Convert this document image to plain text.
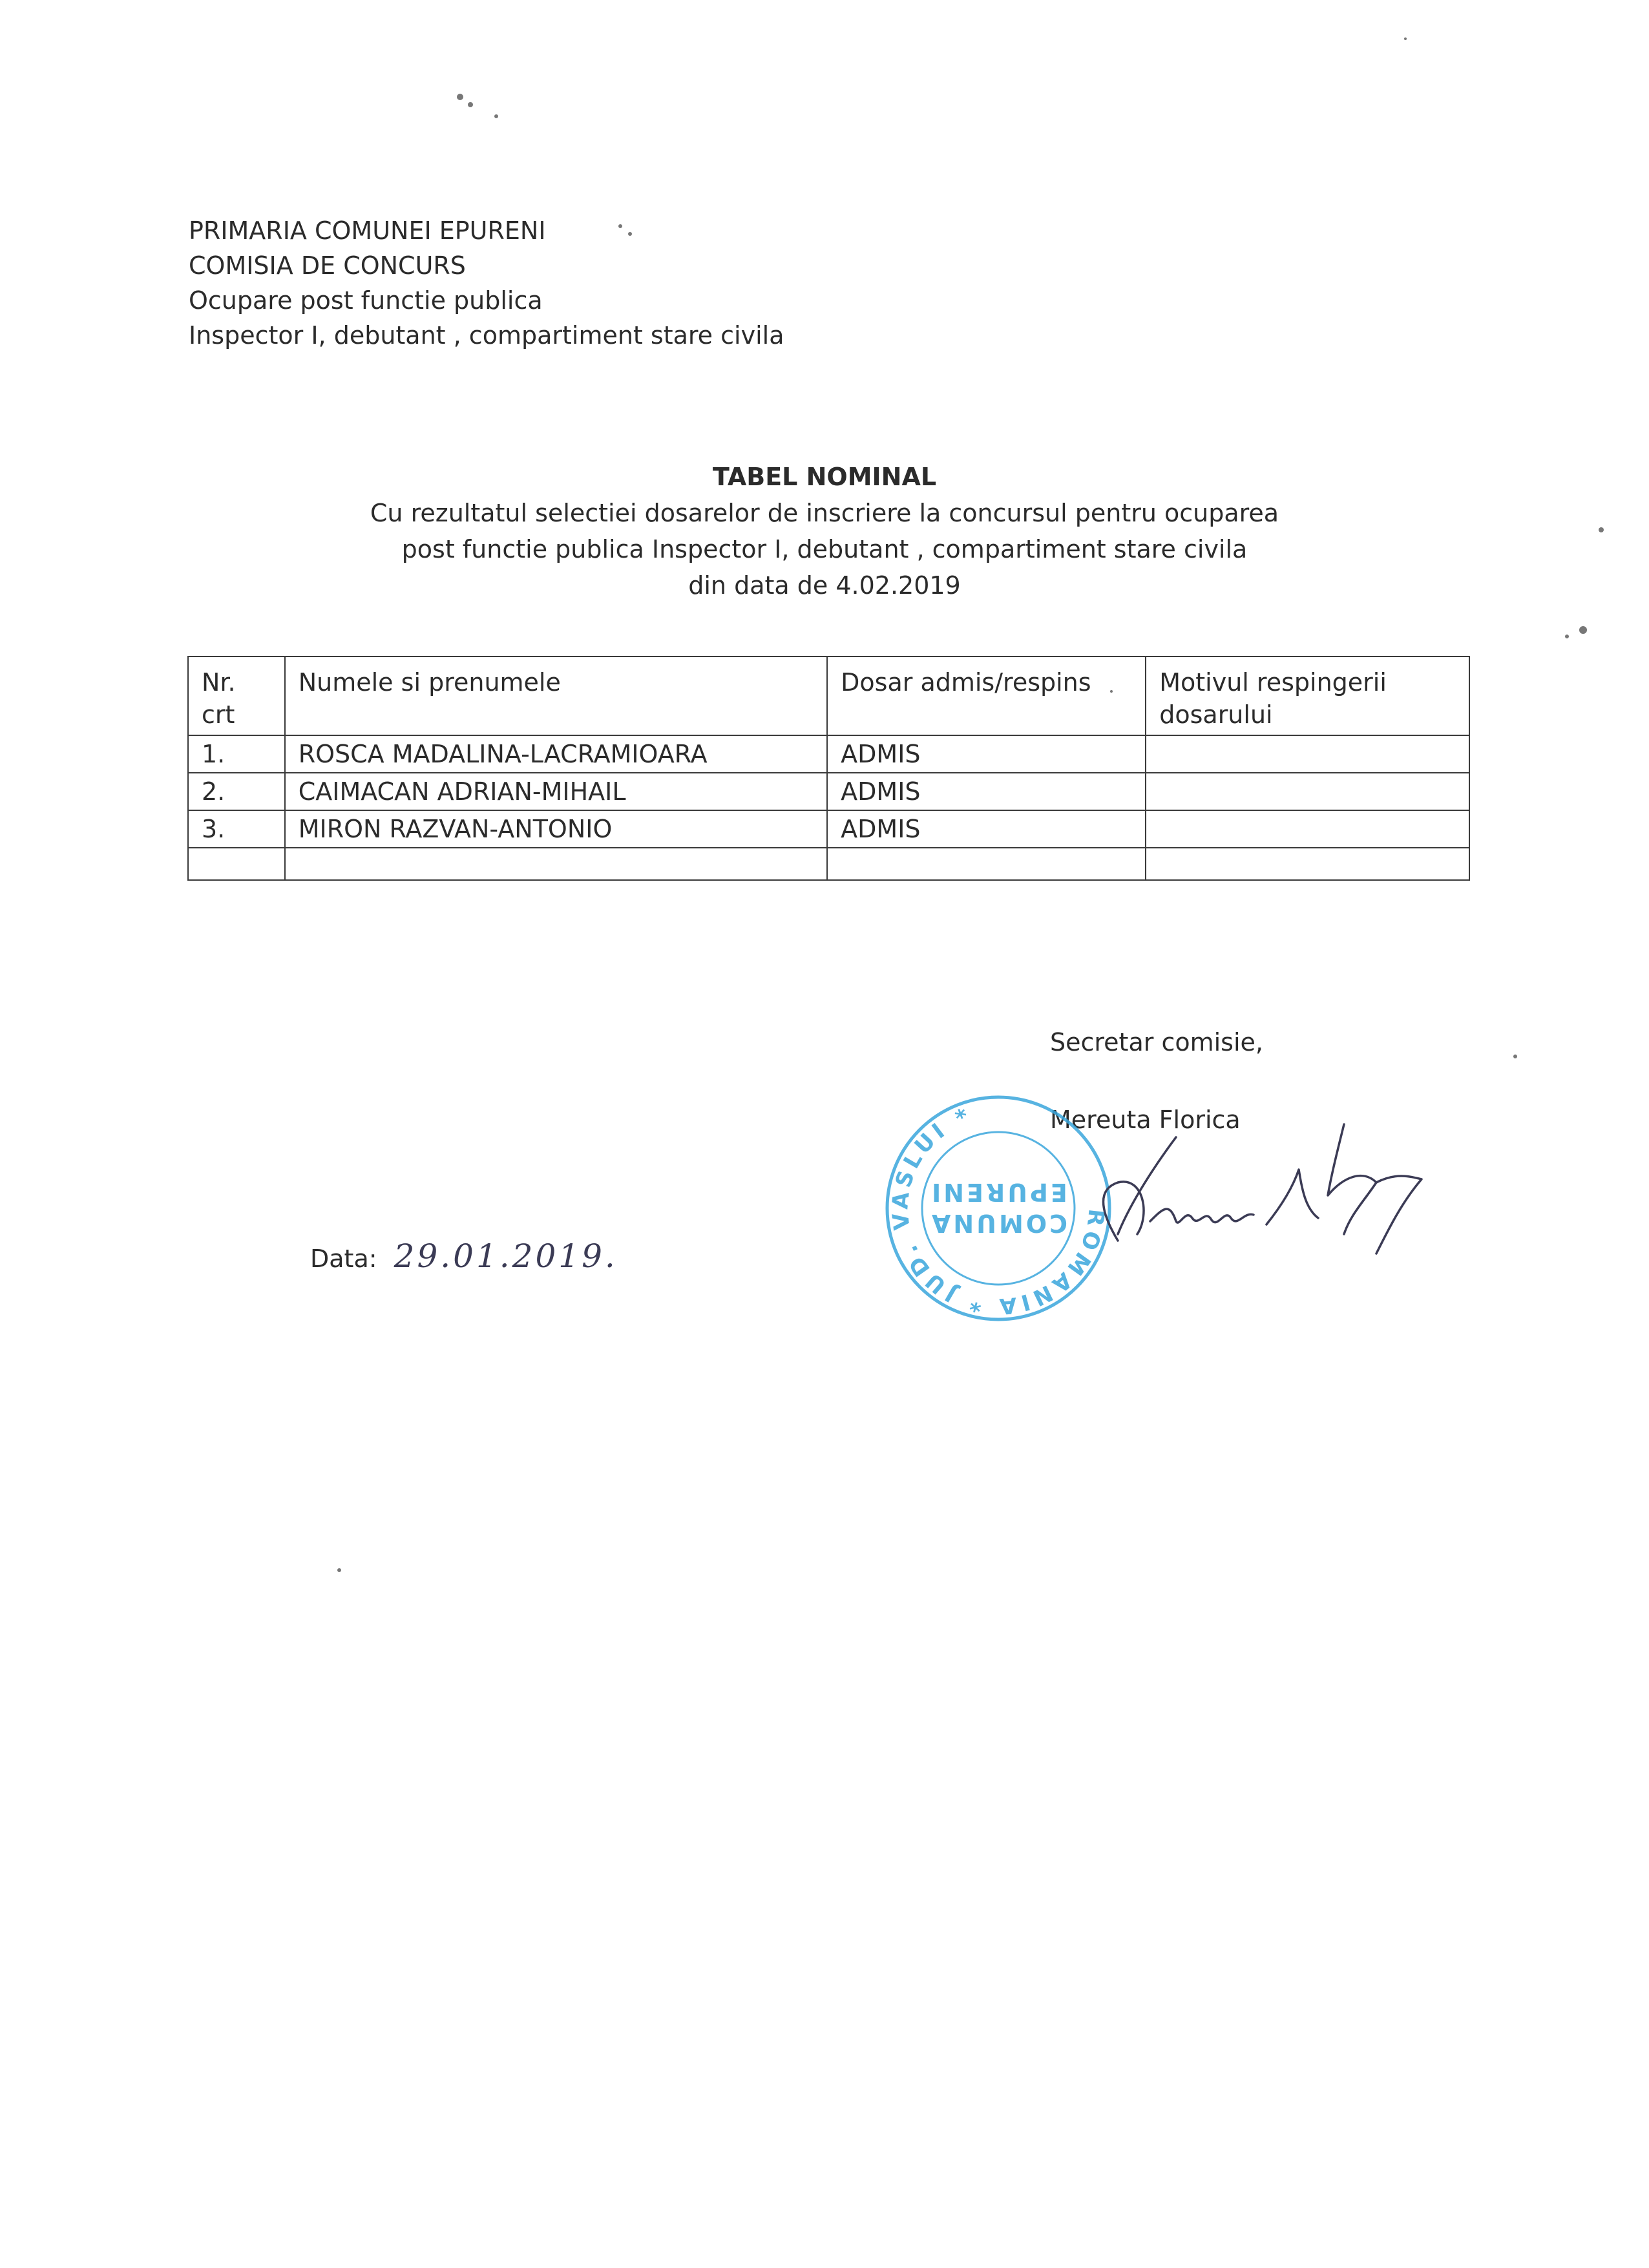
PRIMARIA COMUNEI EPURENI
COMISIA DE CONCURS
Ocupare post functie publica
Inspector I, debutant , compartiment stare civila
TABEL NOMINAL
Cu rezultatul selectiei dosarelor de inscriere la concursul pentru ocuparea
post functie publica Inspector I, debutant , compartiment stare civila
din data de 4.02.2019
Nr. crt	Numele si prenumele	Dosar admis/respins	Motivul respingerii dosarului
1.	ROSCA MADALINA-LACRAMIOARA	ADMIS	
2.	CAIMACAN ADRIAN-MIHAIL	ADMIS	
3.	MIRON RAZVAN-ANTONIO	ADMIS	

Secretar comisie,
Mereuta Florica
ROMANIA * JUD. VASLUI *
COMUNA
EPURENI
Data: 29.01.2019.
